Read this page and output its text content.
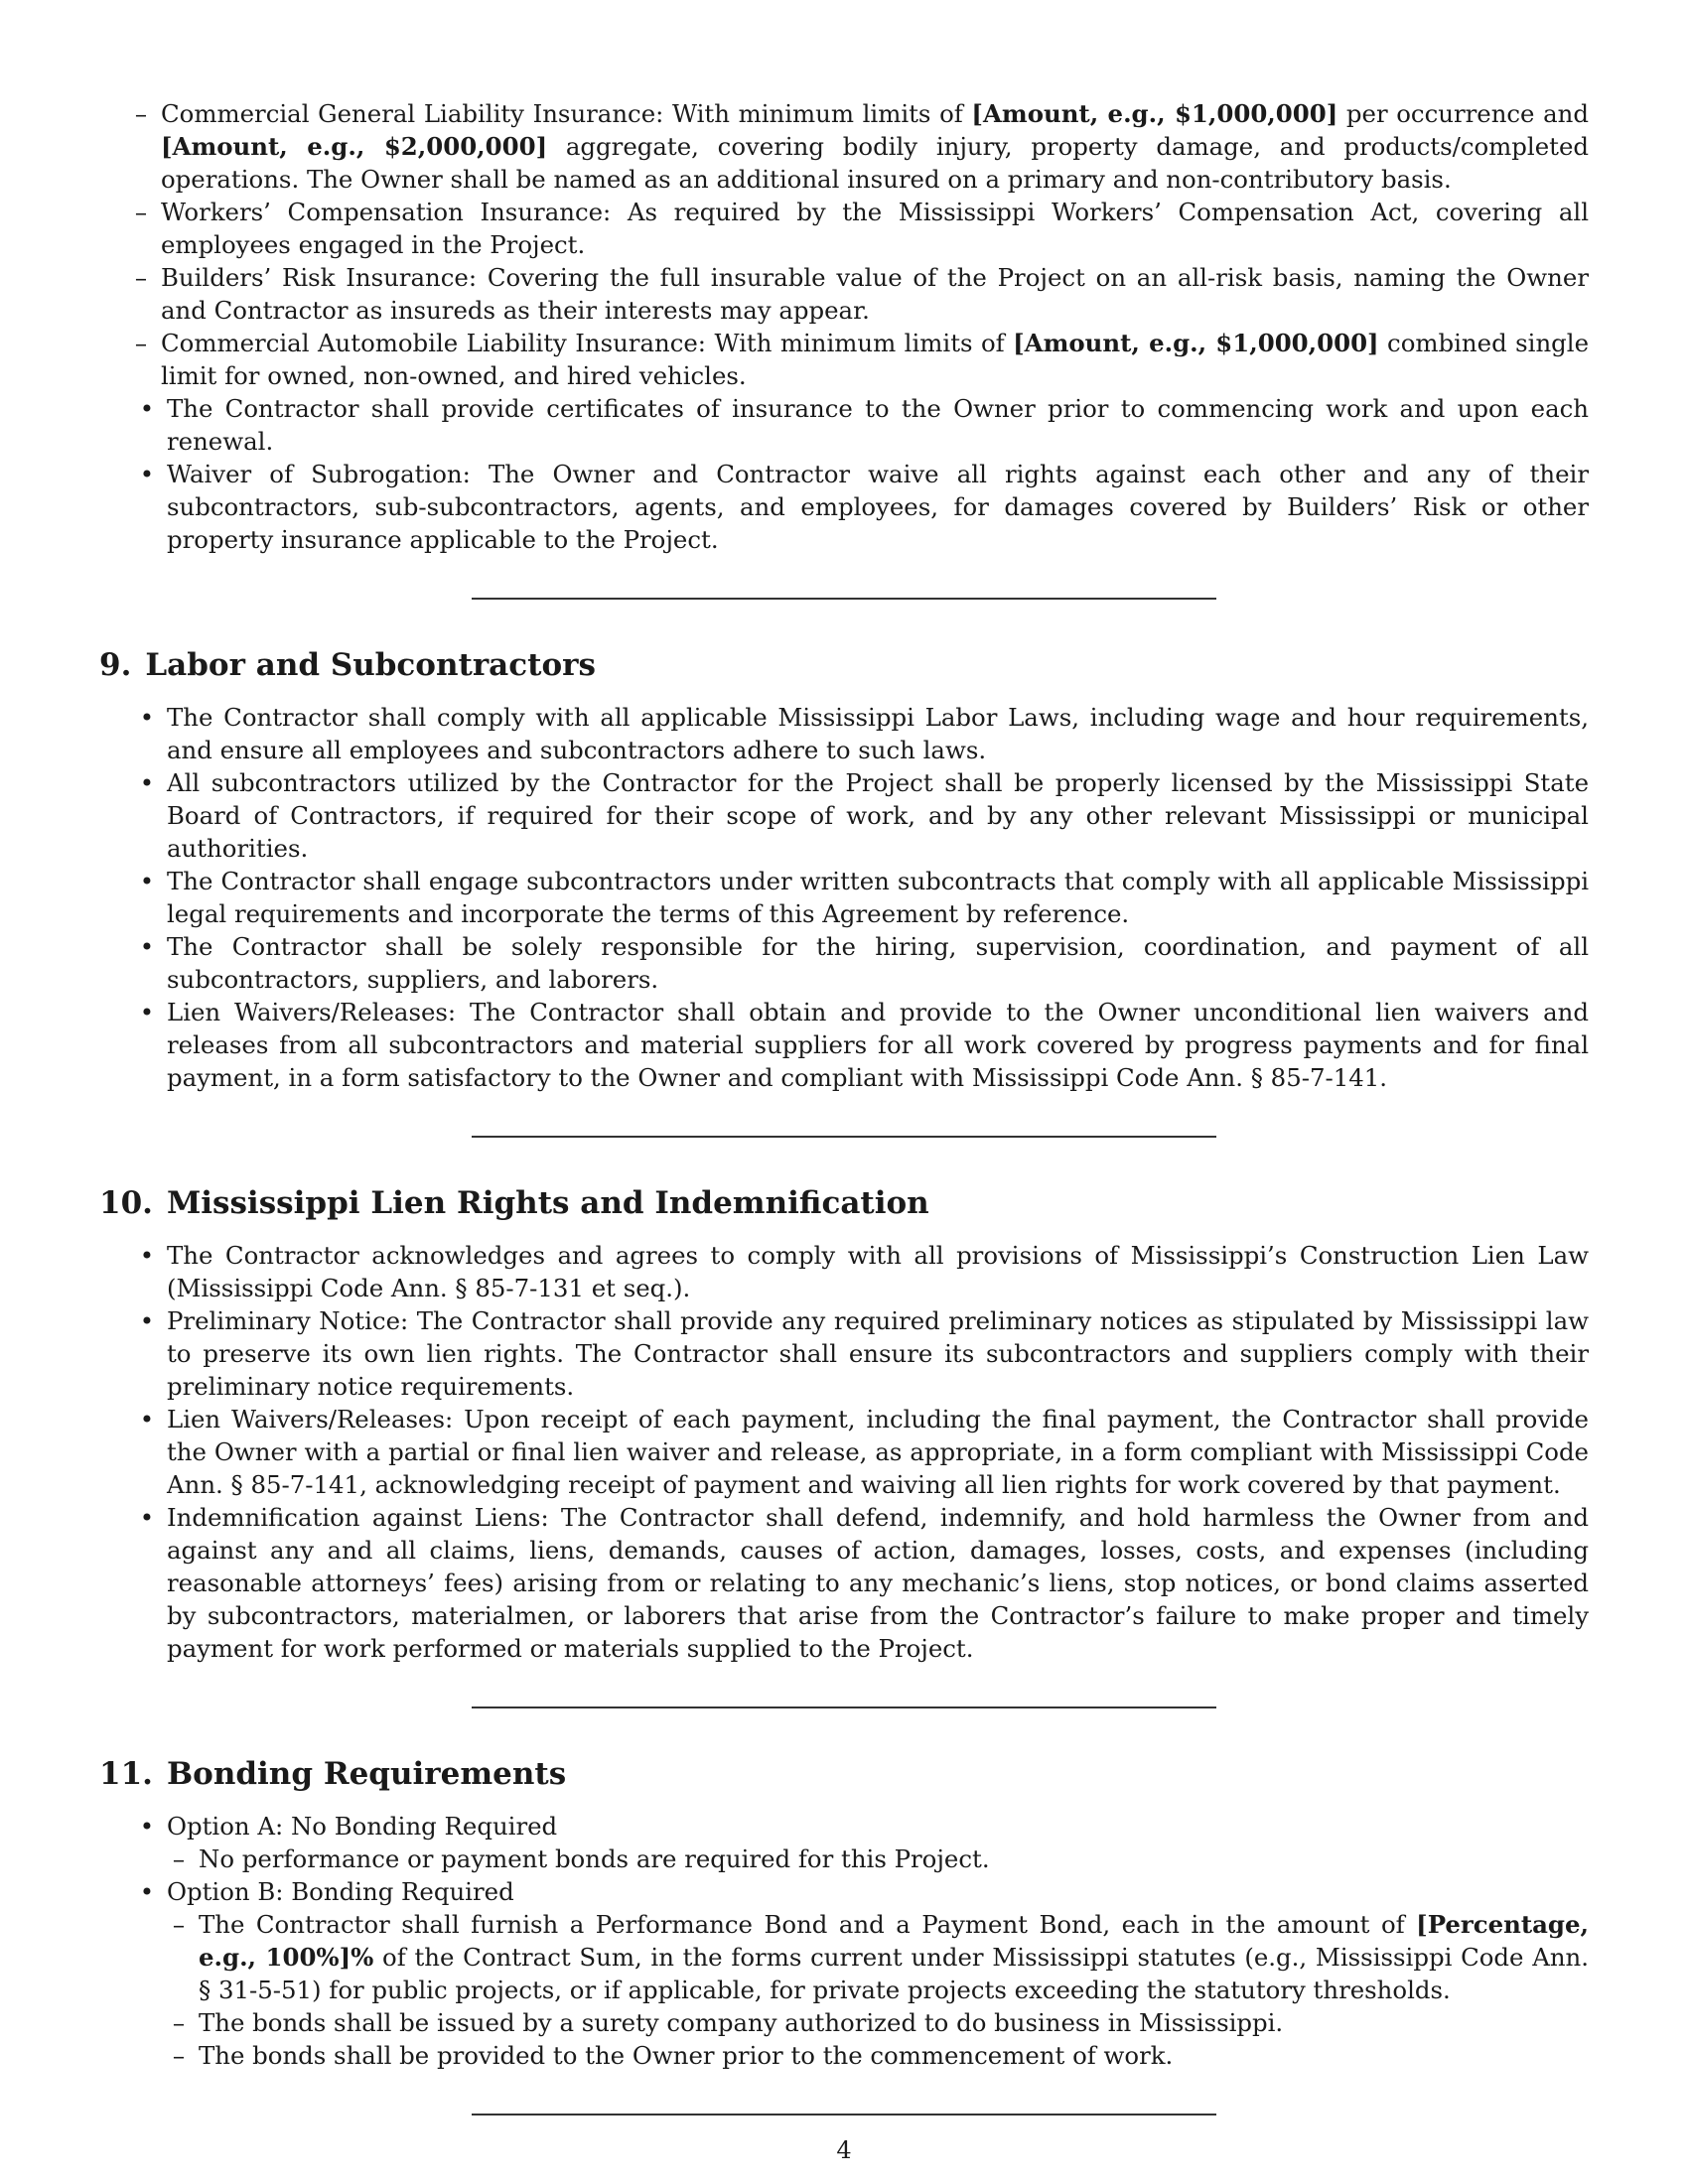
– Commercial General Liability Insurance: With minimum limits of [Amount, e.g., $1,000,000] per occurrence and [Amount, e.g., $2,000,000] aggregate, covering bodily injury, property damage, and products/completed operations. The Owner shall be named as an additional insured on a primary and non-contributory basis.
– Workers’ Compensation Insurance: As required by the Mississippi Workers’ Compensation Act, covering all employees engaged in the Project.
– Builders’ Risk Insurance: Covering the full insurable value of the Project on an all-risk basis, naming the Owner and Contractor as insureds as their interests may appear.
– Commercial Automobile Liability Insurance: With minimum limits of [Amount, e.g., $1,000,000] combined single limit for owned, non-owned, and hired vehicles.
• The Contractor shall provide certificates of insurance to the Owner prior to commencing work and upon each renewal.
• Waiver of Subrogation: The Owner and Contractor waive all rights against each other and any of their subcontractors, sub-subcontractors, agents, and employees, for damages covered by Builders’ Risk or other property insurance applicable to the Project.
9. Labor and Subcontractors
• The Contractor shall comply with all applicable Mississippi Labor Laws, including wage and hour requirements, and ensure all employees and subcontractors adhere to such laws.
• All subcontractors utilized by the Contractor for the Project shall be properly licensed by the Mississippi State Board of Contractors, if required for their scope of work, and by any other relevant Mississippi or municipal authorities.
• The Contractor shall engage subcontractors under written subcontracts that comply with all applicable Mississippi legal requirements and incorporate the terms of this Agreement by reference.
• The Contractor shall be solely responsible for the hiring, supervision, coordination, and payment of all subcontractors, suppliers, and laborers.
• Lien Waivers/Releases: The Contractor shall obtain and provide to the Owner unconditional lien waivers and releases from all subcontractors and material suppliers for all work covered by progress payments and for final payment, in a form satisfactory to the Owner and compliant with Mississippi Code Ann. § 85-7-141.
10. Mississippi Lien Rights and Indemnification
• The Contractor acknowledges and agrees to comply with all provisions of Mississippi’s Construction Lien Law (Mississippi Code Ann. § 85-7-131 et seq.).
• Preliminary Notice: The Contractor shall provide any required preliminary notices as stipulated by Mississippi law to preserve its own lien rights. The Contractor shall ensure its subcontractors and suppliers comply with their preliminary notice requirements.
• Lien Waivers/Releases: Upon receipt of each payment, including the final payment, the Contractor shall provide the Owner with a partial or final lien waiver and release, as appropriate, in a form compliant with Mississippi Code Ann. § 85-7-141, acknowledging receipt of payment and waiving all lien rights for work covered by that payment.
• Indemnification against Liens: The Contractor shall defend, indemnify, and hold harmless the Owner from and against any and all claims, liens, demands, causes of action, damages, losses, costs, and expenses (including reasonable attorneys’ fees) arising from or relating to any mechanic’s liens, stop notices, or bond claims asserted by subcontractors, materialmen, or laborers that arise from the Contractor’s failure to make proper and timely payment for work performed or materials supplied to the Project.
11. Bonding Requirements
• Option A: No Bonding Required
– No performance or payment bonds are required for this Project.
• Option B: Bonding Required
– The Contractor shall furnish a Performance Bond and a Payment Bond, each in the amount of [Percentage, e.g., 100%]% of the Contract Sum, in the forms current under Mississippi statutes (e.g., Mississippi Code Ann. § 31-5-51) for public projects, or if applicable, for private projects exceeding the statutory thresholds.
– The bonds shall be issued by a surety company authorized to do business in Mississippi.
– The bonds shall be provided to the Owner prior to the commencement of work.
4
